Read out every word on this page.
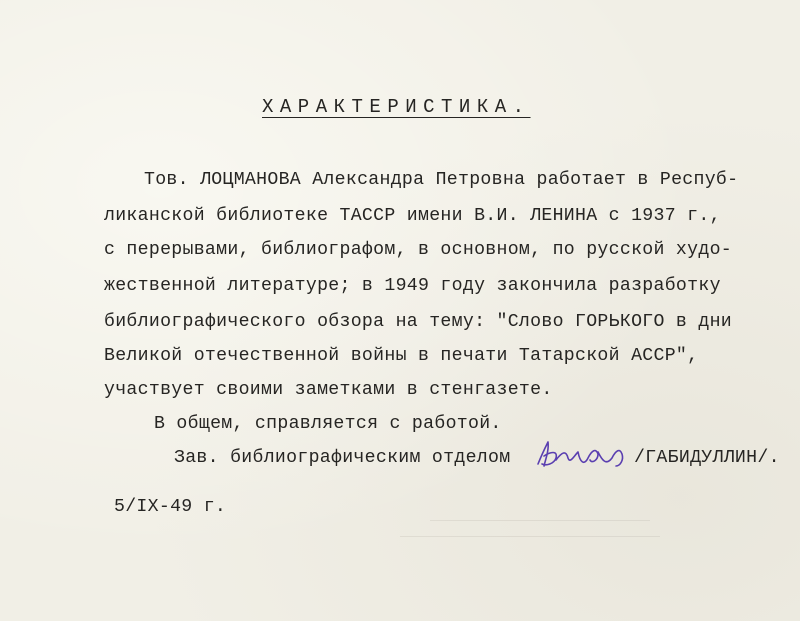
ХАРАКТЕРИСТИКА.
Тов. ЛОЦМАНОВА Александра Петровна работает в Респуб-
ликанской библиотеке ТАССР имени В.И. ЛЕНИНА с 1937 г.,
с перерывами, библиографом, в основном, по русской худо-
жественной литературе; в 1949 году закончила разработку
библиографического обзора на тему: "Слово ГОРЬКОГО в дни
Великой отечественной войны в печати Татарской АССР",
участвует своими заметками в стенгазете.
В общем, справляется с работой.
Зав. библиографическим отделом	/ГАБИДУЛЛИН/.
5/IX-49 г.
